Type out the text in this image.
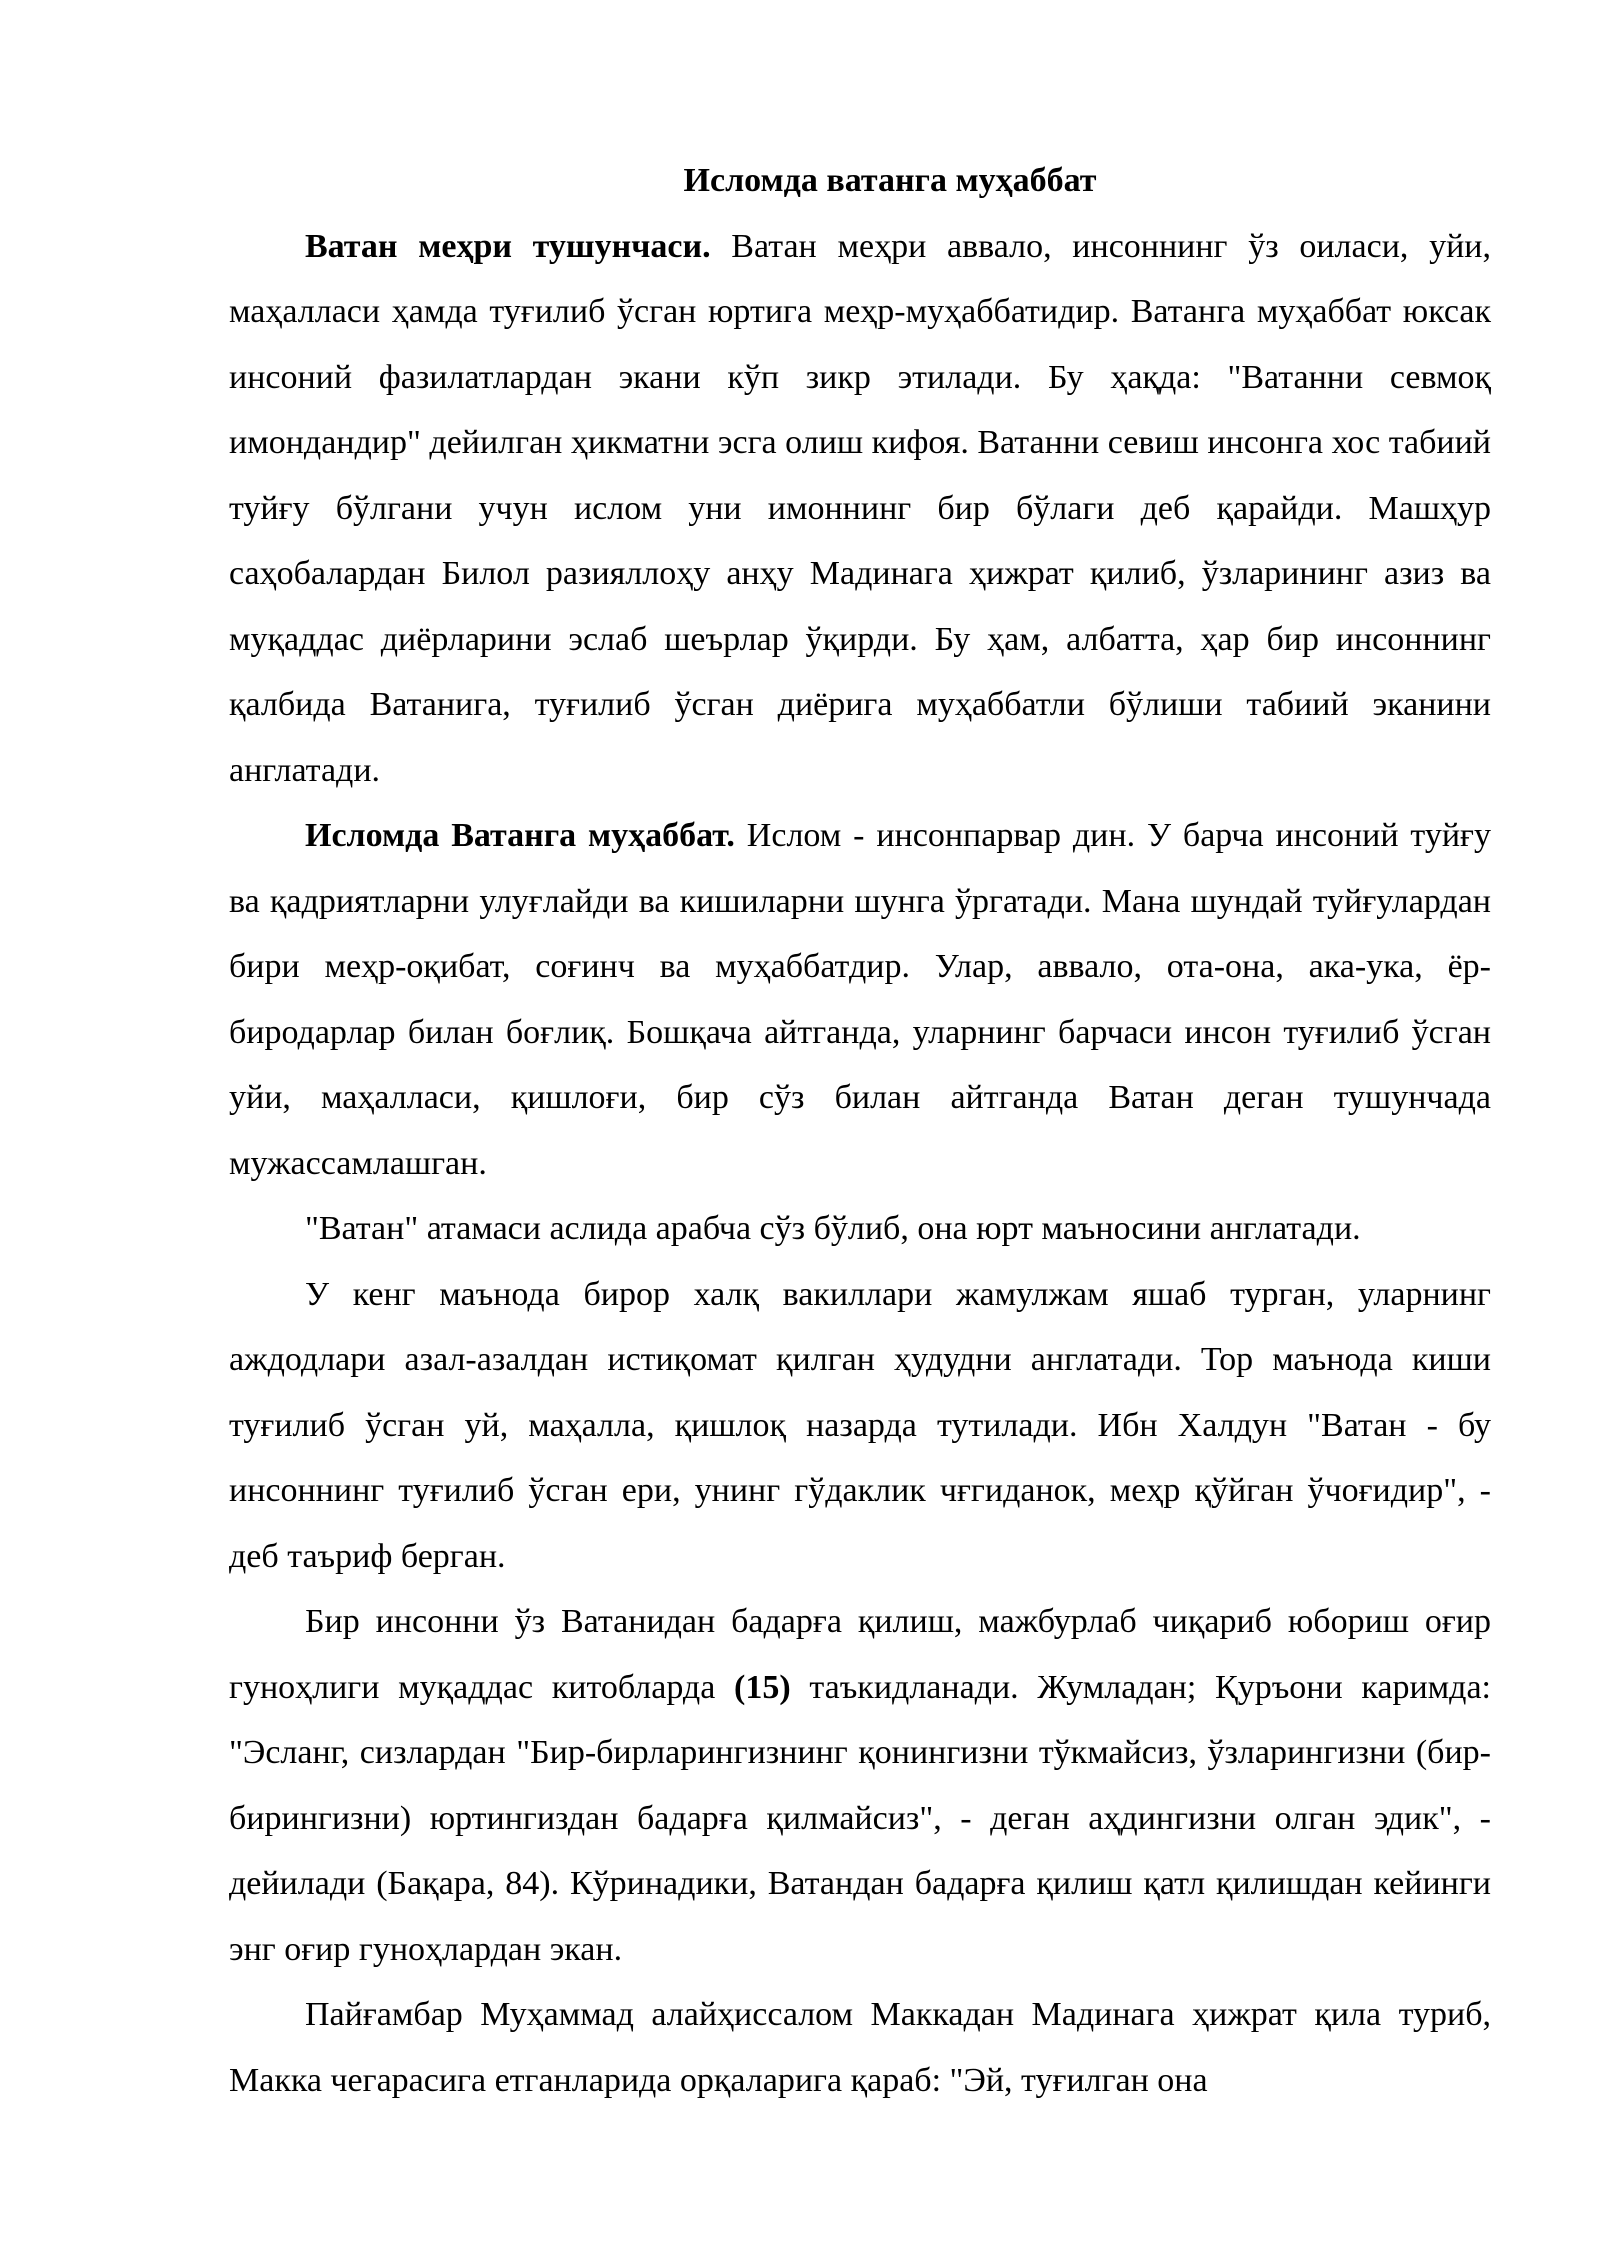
Исломда ватанга муҳаббат

Ватан меҳри тушунчаси. Ватан меҳри аввало, инсоннинг ўз оиласи, уйи, маҳалласи ҳамда туғилиб ўсган юртига меҳр-муҳаббатидир. Ватанга муҳаббат юксак инсоний фазилатлардан экани кўп зикр этилади. Бу ҳақда: "Ватанни севмоқ имондандир" дейилган ҳикматни эсга олиш кифоя. Ватанни севиш инсонга хос табиий туйғу бўлгани учун ислом уни имоннинг бир бўлаги деб қарайди. Машҳур саҳобалардан Билол разияллоҳу анҳу Мадинага ҳижрат қилиб, ўзларининг азиз ва муқаддас диёрларини эслаб шеърлар ўқирди. Бу ҳам, албатта, ҳар бир инсоннинг қалбида Ватанига, туғилиб ўсган диёрига муҳаббатли бўлиши табиий эканини англатади.

Исломда Ватанга муҳаббат. Ислом - инсонпарвар дин. У барча инсоний туйғу ва қадриятларни улуғлайди ва кишиларни шунга ўргатади. Мана шундай туйғулардан бири меҳр-оқибат, соғинч ва муҳаббатдир. Улар, аввало, ота-она, ака-ука, ёр-биродарлар билан боғлиқ. Бошқача айтганда, уларнинг барчаси инсон туғилиб ўсган уйи, маҳалласи, қишлоғи, бир сўз билан айтганда Ватан деган тушунчада мужассамлашган.

"Ватан" атамаси аслида арабча сўз бўлиб, она юрт маъносини англатади.

У кенг маънода бирор халқ вакиллари жамулжам яшаб турган, уларнинг аждодлари азал-азалдан истиқомат қилган ҳудудни англатади. Тор маънода киши туғилиб ўсган уй, маҳалла, қишлоқ назарда тутилади. Ибн Халдун "Ватан - бу инсоннинг туғилиб ўсган ери, унинг гўдаклик чғгиданок, меҳр қўйган ўчоғидир", - деб таъриф берган.

Бир инсонни ўз Ватанидан бадарға қилиш, мажбурлаб чиқариб юбориш оғир гуноҳлиги муқаддас китобларда (15) таъкидланади. Жумладан; Қуръони каримда: "Эсланг, сизлардан "Бир-бирларингизнинг қонингизни тўкмайсиз, ўзларингизни (бир-бирингизни) юртингиздан бадарға қилмайсиз", - деган аҳдингизни олган эдик", - дейилади (Бақара, 84). Кўринадики, Ватандан бадарға қилиш қатл қилишдан кейинги энг оғир гуноҳлардан экан.

Пайғамбар Муҳаммад алайҳиссалом Маккадан Мадинага ҳижрат қила туриб, Макка чегарасига етганларида орқаларига қараб: "Эй, туғилган она
